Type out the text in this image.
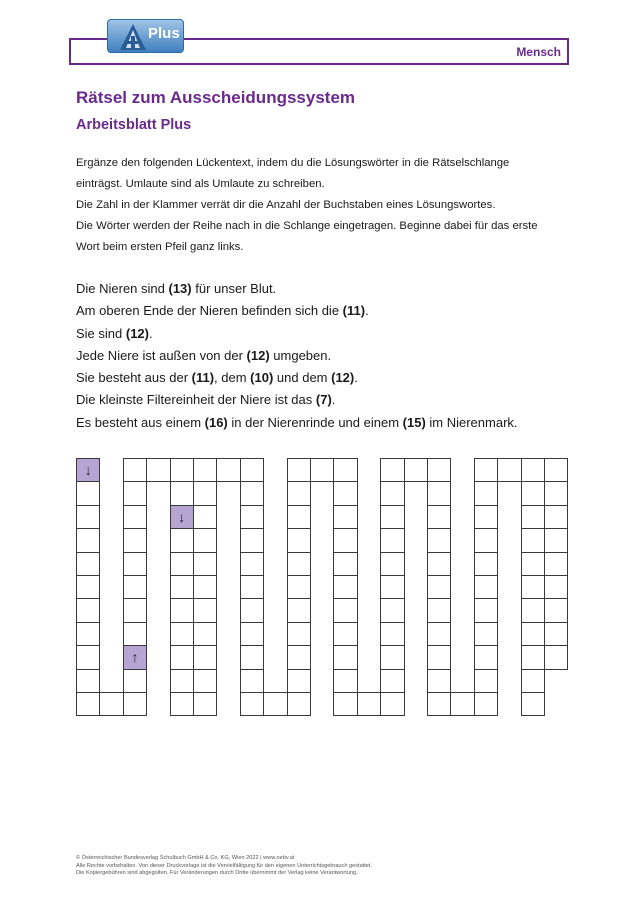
Mensch
Plus
Rätsel zum Ausscheidungssystem
Arbeitsblatt Plus
Ergänze den folgenden Lückentext, indem du die Lösungswörter in die Rätselschlange
einträgst. Umlaute sind als Umlaute zu schreiben.
Die Zahl in der Klammer verrät dir die Anzahl der Buchstaben eines Lösungswortes.
Die Wörter werden der Reihe nach in die Schlange eingetragen. Beginne dabei für das erste
Wort beim ersten Pfeil ganz links.
Die Nieren sind (13) für unser Blut.
Am oberen Ende der Nieren befinden sich die (11).
Sie sind (12).
Jede Niere ist außen von der (12) umgeben.
Sie besteht aus der (11), dem (10) und dem (12).
Die kleinste Filtereinheit der Niere ist das (7).
Es besteht aus einem (16) in der Nierenrinde und einem (15) im Nierenmark.
↓
↑
↓
© Österreichischer Bundesverlag Schulbuch GmbH & Co. KG, Wien 2022 | www.oebv.at
Alle Rechte vorbehalten. Von dieser Druckvorlage ist die Vervielfältigung für den eigenen Unterrichtsgebrauch gestattet.
Die Kopiergebühren sind abgegolten. Für Veränderungen durch Dritte übernimmt der Verlag keine Verantwortung.
